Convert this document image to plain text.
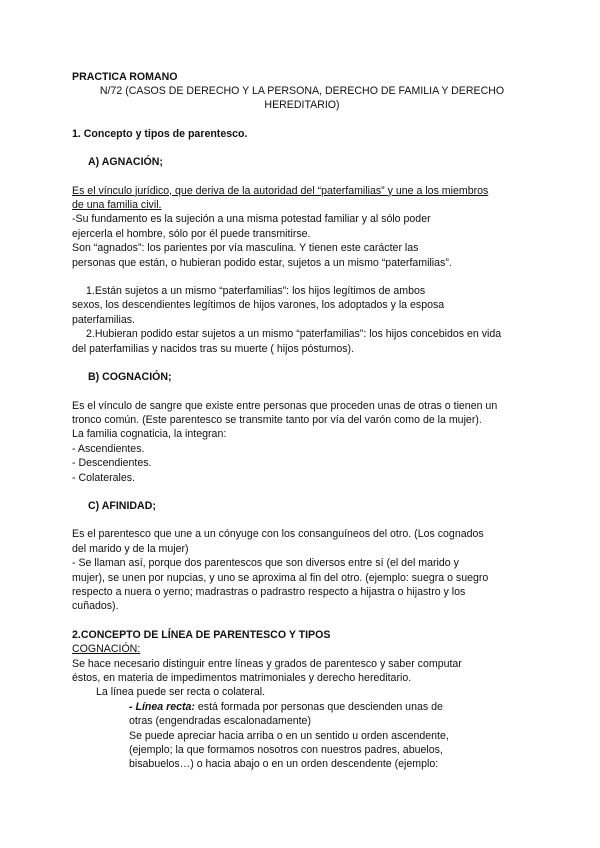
PRACTICA ROMANO
N/72 (CASOS DE DERECHO Y LA PERSONA, DERECHO DE FAMILIA Y DERECHO
HEREDITARIO)
1. Concepto y tipos de parentesco.
A) AGNACIÓN;
Es el vínculo jurídico, que deriva de la autoridad del “paterfamilias” y une a los miembros
de una familia civil.
-Su fundamento es la sujeción a una misma potestad familiar y al sólo poder
ejercerla el hombre, sólo por él puede transmitirse.
Son “agnados”: los parientes por vía masculina. Y tienen este carácter las
personas que están, o hubieran podido estar, sujetos a un mismo “paterfamilias”.
1.Están sujetos a un mismo “paterfamilias”: los hijos legítimos de ambos
sexos, los descendientes legítimos de hijos varones, los adoptados y la esposa
paterfamilias.
2.Hubieran podido estar sujetos a un mismo “paterfamilias”: los hijos concebidos en vida
del paterfamilias y nacidos tras su muerte ( hijos póstumos).
B) COGNACIÓN;
Es el vínculo de sangre que existe entre personas que proceden unas de otras o tienen un
tronco común. (Este parentesco se transmite tanto por vía del varón como de la mujer).
La familia cognaticia, la integran:
- Ascendientes.
- Descendientes.
- Colaterales.
C) AFINIDAD;
Es el parentesco que une a un cónyuge con los consanguíneos del otro. (Los cognados
del marido y de la mujer)
- Se llaman así, porque dos parentescos que son diversos entre sí (el del marido y
mujer), se unen por nupcias, y uno se aproxima al fin del otro. (ejemplo: suegra o suegro
respecto a nuera o yerno; madrastras o padrastro respecto a hijastra o hijastro y los
cuñados).
2.CONCEPTO DE LÍNEA DE PARENTESCO Y TIPOS
COGNACIÓN:
Se hace necesario distinguir entre líneas y grados de parentesco y saber computar
éstos, en materia de impedimentos matrimoniales y derecho hereditario.
La línea puede ser recta o colateral.
- Línea recta: está formada por personas que descienden unas de
otras (engendradas escalonadamente)
Se puede apreciar hacia arriba o en un sentido u orden ascendente,
(ejemplo; la que formamos nosotros con nuestros padres, abuelos,
bisabuelos…) o hacia abajo o en un orden descendente (ejemplo:
